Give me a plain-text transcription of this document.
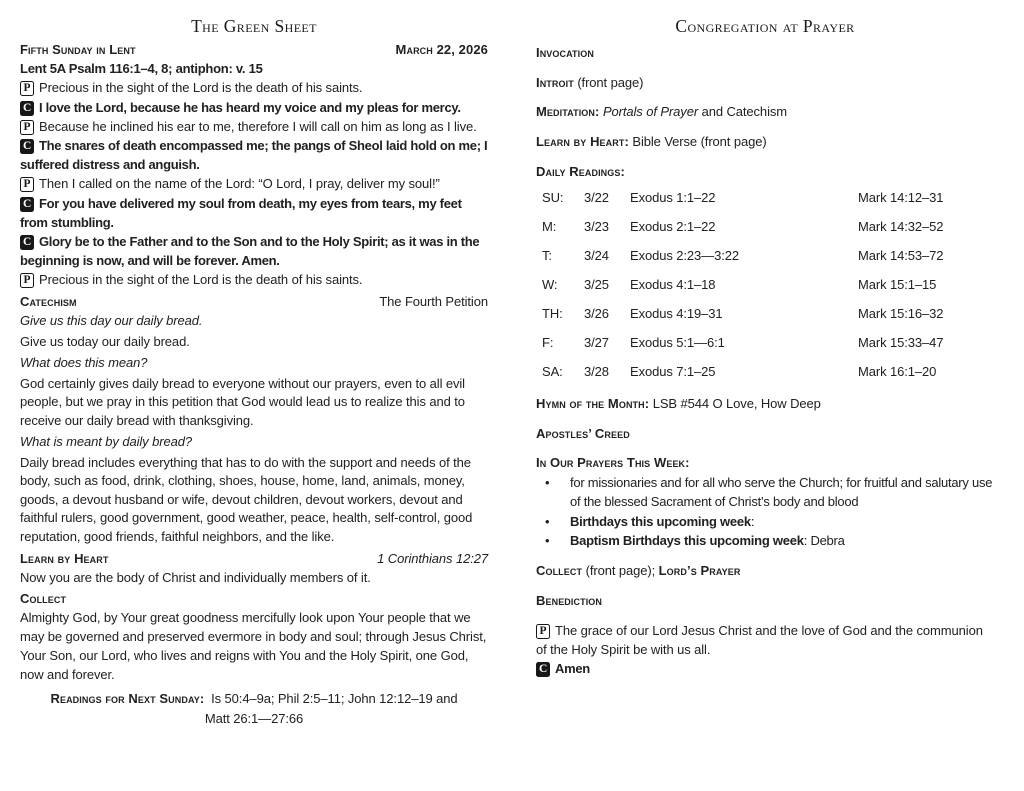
The Green Sheet
Fifth Sunday in Lent	March 22, 2026

Lent 5A Psalm 116:1–4, 8; antiphon: v. 15

P Precious in the sight of the Lord is the death of his saints.

C I love the Lord, because he has heard my voice and my pleas for mercy.

P Because he inclined his ear to me, therefore I will call on him as long as I live.

C The snares of death encompassed me; the pangs of Sheol laid hold on me; I suffered distress and anguish.

P Then I called on the name of the Lord: “O Lord, I pray, deliver my soul!”

C For you have delivered my soul from death, my eyes from tears, my feet from stumbling.

C Glory be to the Father and to the Son and to the Holy Spirit; as it was in the beginning is now, and will be forever. Amen.

P Precious in the sight of the Lord is the death of his saints.

Catechism	The Fourth Petition

Give us this day our daily bread.

Give us today our daily bread.

What does this mean?

God certainly gives daily bread to everyone without our prayers, even to all evil people, but we pray in this petition that God would lead us to realize this and to receive our daily bread with thanksgiving.

What is meant by daily bread?

Daily bread includes everything that has to do with the support and needs of the body, such as food, drink, clothing, shoes, house, home, land, animals, money, goods, a devout husband or wife, devout children, devout workers, devout and faithful rulers, good government, good weather, peace, health, self-control, good reputation, good friends, faithful neighbors, and the like.

Learn by Heart	1 Corinthians 12:27

Now you are the body of Christ and individually members of it.

Collect

Almighty God, by Your great goodness mercifully look upon Your people that we may be governed and preserved evermore in body and soul; through Jesus Christ, Your Son, our Lord, who lives and reigns with You and the Holy Spirit, one God, now and forever.

Readings for Next Sunday: Is 50:4–9a; Phil 2:5–11; John 12:12–19 and
Matt 26:1—27:66

Congregation at Prayer
Invocation
Introit (front page)
Meditation: Portals of Prayer and Catechism
Learn by Heart: Bible Verse (front page)
Daily Readings:
SU:	3/22	Exodus 1:1–22	Mark 14:12–31
M:	3/23	Exodus 2:1–22	Mark 14:32–52
T:	3/24	Exodus 2:23—3:22	Mark 14:53–72
W:	3/25	Exodus 4:1–18	Mark 15:1–15
TH:	3/26	Exodus 4:19–31	Mark 15:16–32
F:	3/27	Exodus 5:1—6:1	Mark 15:33–47
SA:	3/28	Exodus 7:1–25	Mark 16:1–20
Hymn of the Month: LSB #544 O Love, How Deep
Apostles’ Creed
In Our Prayers This Week:
•	for missionaries and for all who serve the Church; for fruitful and salutary use of the blessed Sacrament of Christ’s body and blood
•	Birthdays this upcoming week:
•	Baptism Birthdays this upcoming week: Debra
Collect (front page); Lord’s Prayer
Benediction

P The grace of our Lord Jesus Christ and the love of God and the communion of the Holy Spirit be with us all.

C Amen
